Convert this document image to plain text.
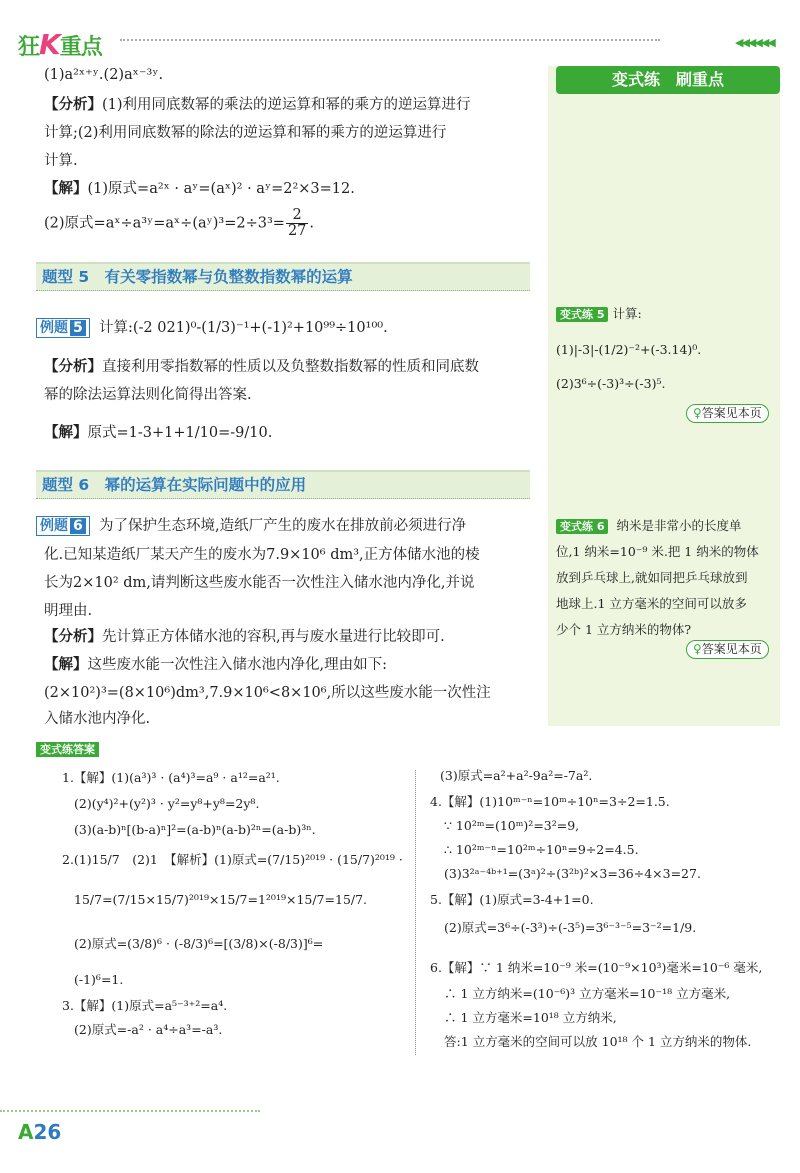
狂K重点	◀◀◀◀◀◀
变式练　刷重点
(1)a²ˣ⁺ʸ.(2)aˣ⁻³ʸ.
【分析】(1)利用同底数幂的乘法的逆运算和幂的乘方的逆运算进行
计算;(2)利用同底数幂的除法的逆运算和幂的乘方的逆运算进行
计算.
【解】(1)原式=a²ˣ · aʸ=(aˣ)² · aʸ=2²×3=12.
(2)原式=aˣ÷a³ʸ=aˣ÷(aʸ)³=2÷3³= $\frac{2}{27}$ .
题型 5　有关零指数幂与负整数指数幂的运算
例题 5 计算:(-2 021)⁰-(1/3)⁻¹+(-1)²+10⁹⁹÷10¹⁰⁰.
【分析】直接利用零指数幂的性质以及负整数指数幂的性质和同底数
幂的除法运算法则化简得出答案.
【解】原式=1-3+1+1/10=-9/10.
题型 6　幂的运算在实际问题中的应用
例题 6 为了保护生态环境,造纸厂产生的废水在排放前必须进行净
化.已知某造纸厂某天产生的废水为7.9×10⁶ dm³,正方体储水池的棱
长为2×10² dm,请判断这些废水能否一次性注入储水池内净化,并说
明理由.
【分析】先计算正方体储水池的容积,再与废水量进行比较即可.
【解】这些废水能一次性注入储水池内净化,理由如下:
(2×10²)³=(8×10⁶)dm³,7.9×10⁶<8×10⁶,所以这些废水能一次性注
入储水池内净化.
变式练 5 计算:
(1)|-3|-(1/2)⁻²+(-3.14)⁰.
(2)3⁶÷(-3)³÷(-3)⁵.
♀答案见本页
变式练 6 纳米是非常小的长度单
位,1 纳米=10⁻⁹ 米.把 1 纳米的物体
放到乒乓球上,就如同把乒乓球放到
地球上.1 立方毫米的空间可以放多
少个 1 立方纳米的物体?
♀答案见本页
变式练答案
1.【解】(1)(a³)³ · (a⁴)³=a⁹ · a¹²=a²¹.
(2)(y⁴)²+(y²)³ · y²=y⁸+y⁸=2y⁸.
(3)(a-b)ⁿ[(b-a)ⁿ]²=(a-b)ⁿ(a-b)²ⁿ=(a-b)³ⁿ.
2.(1)15/7　(2)1　【解析】(1)原式=(7/15)²⁰¹⁹ · (15/7)²⁰¹⁹ ·
15/7=(7/15×15/7)²⁰¹⁹×15/7=1²⁰¹⁹×15/7=15/7.
(2)原式=(3/8)⁶ · (-8/3)⁶=[(3/8)×(-8/3)]⁶=
(-1)⁶=1.
3.【解】(1)原式=a⁵⁻³⁺²=a⁴.
(2)原式=-a² · a⁴÷a³=-a³.
(3)原式=a²+a²-9a²=-7a².
4.【解】(1)10ᵐ⁻ⁿ=10ᵐ÷10ⁿ=3÷2=1.5.
∵ 10²ᵐ=(10ᵐ)²=3²=9,
∴ 10²ᵐ⁻ⁿ=10²ᵐ÷10ⁿ=9÷2=4.5.
(3)3²ᵃ⁻⁴ᵇ⁺¹=(3ᵃ)²÷(3²ᵇ)²×3=36÷4×3=27.
5.【解】(1)原式=3-4+1=0.
(2)原式=3⁶÷(-3³)÷(-3⁵)=3⁶⁻³⁻⁵=3⁻²=1/9.
6.【解】∵ 1 纳米=10⁻⁹ 米=(10⁻⁹×10³)毫米=10⁻⁶ 毫米,
∴ 1 立方纳米=(10⁻⁶)³ 立方毫米=10⁻¹⁸ 立方毫米,
∴ 1 立方毫米=10¹⁸ 立方纳米,
答:1 立方毫米的空间可以放 10¹⁸ 个 1 立方纳米的物体.
A26
